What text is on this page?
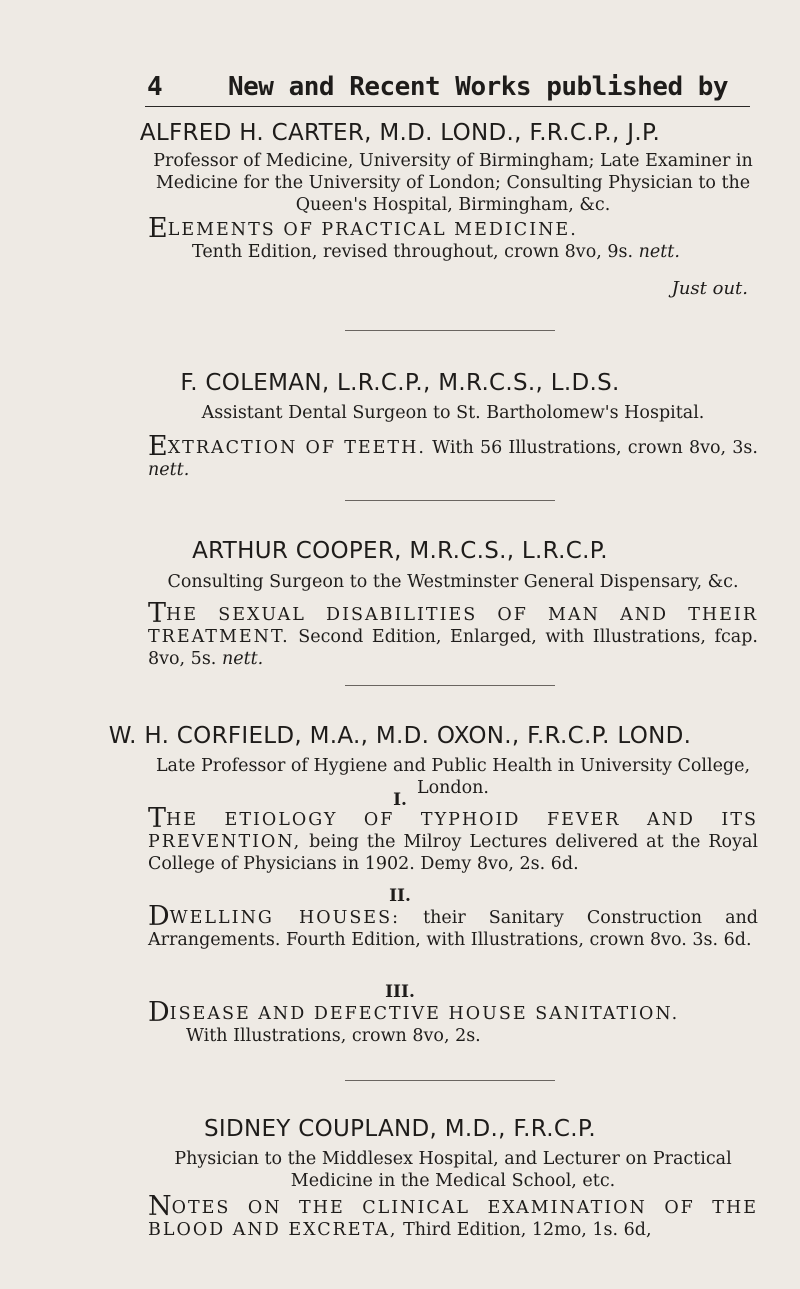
4	New and Recent Works published by
ALFRED H. CARTER, M.D. LOND., F.R.C.P., J.P.
Professor of Medicine, University of Birmingham; Late Examiner in Medicine for the University of London; Consulting Physician to the Queen's Hospital, Birmingham, &c.
ELEMENTS OF PRACTICAL MEDICINE.
Tenth Edition, revised throughout, crown 8vo, 9s. nett.
Just out.
F. COLEMAN, L.R.C.P., M.R.C.S., L.D.S.
Assistant Dental Surgeon to St. Bartholomew's Hospital.
EXTRACTION OF TEETH. With 56 Illustrations, crown 8vo, 3s. nett.
ARTHUR COOPER, M.R.C.S., L.R.C.P.
Consulting Surgeon to the Westminster General Dispensary, &c.
THE SEXUAL DISABILITIES OF MAN AND THEIR TREATMENT. Second Edition, Enlarged, with Illustrations, fcap. 8vo, 5s. nett.
W. H. CORFIELD, M.A., M.D. OXON., F.R.C.P. LOND.
Late Professor of Hygiene and Public Health in University College, London.
I.
THE ETIOLOGY OF TYPHOID FEVER AND ITS PREVENTION, being the Milroy Lectures delivered at the Royal College of Physicians in 1902. Demy 8vo, 2s. 6d.
II.
DWELLING HOUSES: their Sanitary Construction and Arrangements. Fourth Edition, with Illustrations, crown 8vo. 3s. 6d.
III.
DISEASE AND DEFECTIVE HOUSE SANITATION.
With Illustrations, crown 8vo, 2s.
SIDNEY COUPLAND, M.D., F.R.C.P.
Physician to the Middlesex Hospital, and Lecturer on Practical Medicine in the Medical School, etc.
NOTES ON THE CLINICAL EXAMINATION OF THE BLOOD AND EXCRETA, Third Edition, 12mo, 1s. 6d,
